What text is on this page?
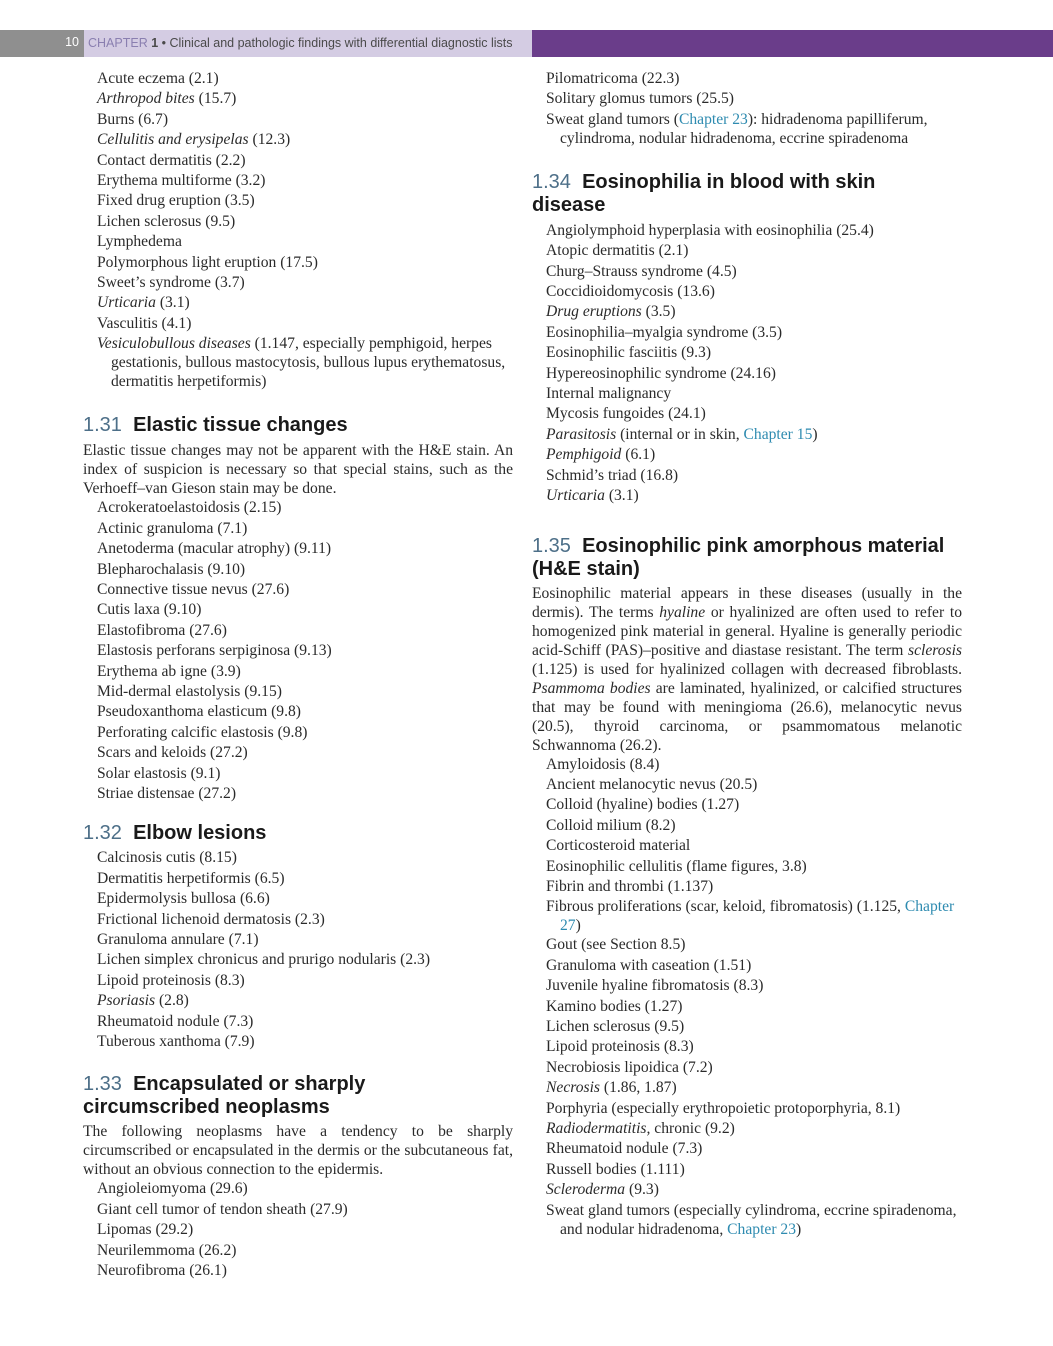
10 CHAPTER 1 • Clinical and pathologic findings with differential diagnostic lists
Acute eczema (2.1)
Arthropod bites (15.7)
Burns (6.7)
Cellulitis and erysipelas (12.3)
Contact dermatitis (2.2)
Erythema multiforme (3.2)
Fixed drug eruption (3.5)
Lichen sclerosus (9.5)
Lymphedema
Polymorphous light eruption (17.5)
Sweet’s syndrome (3.7)
Urticaria (3.1)
Vasculitis (4.1)
Vesiculobullous diseases (1.147, especially pemphigoid, herpes gestationis, bullous mastocytosis, bullous lupus erythematosus, dermatitis herpetiformis)
1.31 Elastic tissue changes
Elastic tissue changes may not be apparent with the H&E stain. An index of suspicion is necessary so that special stains, such as the Verhoeff–van Gieson stain may be done.
Acrokeratoelastoidosis (2.15)
Actinic granuloma (7.1)
Anetoderma (macular atrophy) (9.11)
Blepharochalasis (9.10)
Connective tissue nevus (27.6)
Cutis laxa (9.10)
Elastofibroma (27.6)
Elastosis perforans serpiginosa (9.13)
Erythema ab igne (3.9)
Mid-dermal elastolysis (9.15)
Pseudoxanthoma elasticum (9.8)
Perforating calcific elastosis (9.8)
Scars and keloids (27.2)
Solar elastosis (9.1)
Striae distensae (27.2)
1.32 Elbow lesions
Calcinosis cutis (8.15)
Dermatitis herpetiformis (6.5)
Epidermolysis bullosa (6.6)
Frictional lichenoid dermatosis (2.3)
Granuloma annulare (7.1)
Lichen simplex chronicus and prurigo nodularis (2.3)
Lipoid proteinosis (8.3)
Psoriasis (2.8)
Rheumatoid nodule (7.3)
Tuberous xanthoma (7.9)
1.33 Encapsulated or sharply
circumscribed neoplasms
The following neoplasms have a tendency to be sharply circumscribed or encapsulated in the dermis or the subcutaneous fat, without an obvious connection to the epidermis.
Angioleiomyoma (29.6)
Giant cell tumor of tendon sheath (27.9)
Lipomas (29.2)
Neurilemmoma (26.2)
Neurofibroma (26.1)
Pilomatricoma (22.3)
Solitary glomus tumors (25.5)
Sweat gland tumors (Chapter 23): hidradenoma papilliferum, cylindroma, nodular hidradenoma, eccrine spiradenoma
1.34 Eosinophilia in blood with skin
disease
Angiolymphoid hyperplasia with eosinophilia (25.4)
Atopic dermatitis (2.1)
Churg–Strauss syndrome (4.5)
Coccidioidomycosis (13.6)
Drug eruptions (3.5)
Eosinophilia–myalgia syndrome (3.5)
Eosinophilic fasciitis (9.3)
Hypereosinophilic syndrome (24.16)
Internal malignancy
Mycosis fungoides (24.1)
Parasitosis (internal or in skin, Chapter 15)
Pemphigoid (6.1)
Schmid’s triad (16.8)
Urticaria (3.1)
1.35 Eosinophilic pink amorphous material
(H&E stain)
Eosinophilic material appears in these diseases (usually in the dermis). The terms hyaline or hyalinized are often used to refer to homogenized pink material in general. Hyaline is generally periodic acid-Schiff (PAS)–positive and diastase resistant. The term sclerosis (1.125) is used for hyalinized collagen with decreased fibroblasts. Psammoma bodies are laminated, hyalinized, or calcified structures that may be found with meningioma (26.6), melanocytic nevus (20.5), thyroid carcinoma, or psammomatous melanotic Schwannoma (26.2).
Amyloidosis (8.4)
Ancient melanocytic nevus (20.5)
Colloid (hyaline) bodies (1.27)
Colloid milium (8.2)
Corticosteroid material
Eosinophilic cellulitis (flame figures, 3.8)
Fibrin and thrombi (1.137)
Fibrous proliferations (scar, keloid, fibromatosis) (1.125, Chapter 27)
Gout (see Section 8.5)
Granuloma with caseation (1.51)
Juvenile hyaline fibromatosis (8.3)
Kamino bodies (1.27)
Lichen sclerosus (9.5)
Lipoid proteinosis (8.3)
Necrobiosis lipoidica (7.2)
Necrosis (1.86, 1.87)
Porphyria (especially erythropoietic protoporphyria, 8.1)
Radiodermatitis, chronic (9.2)
Rheumatoid nodule (7.3)
Russell bodies (1.111)
Scleroderma (9.3)
Sweat gland tumors (especially cylindroma, eccrine spiradenoma, and nodular hidradenoma, Chapter 23)
